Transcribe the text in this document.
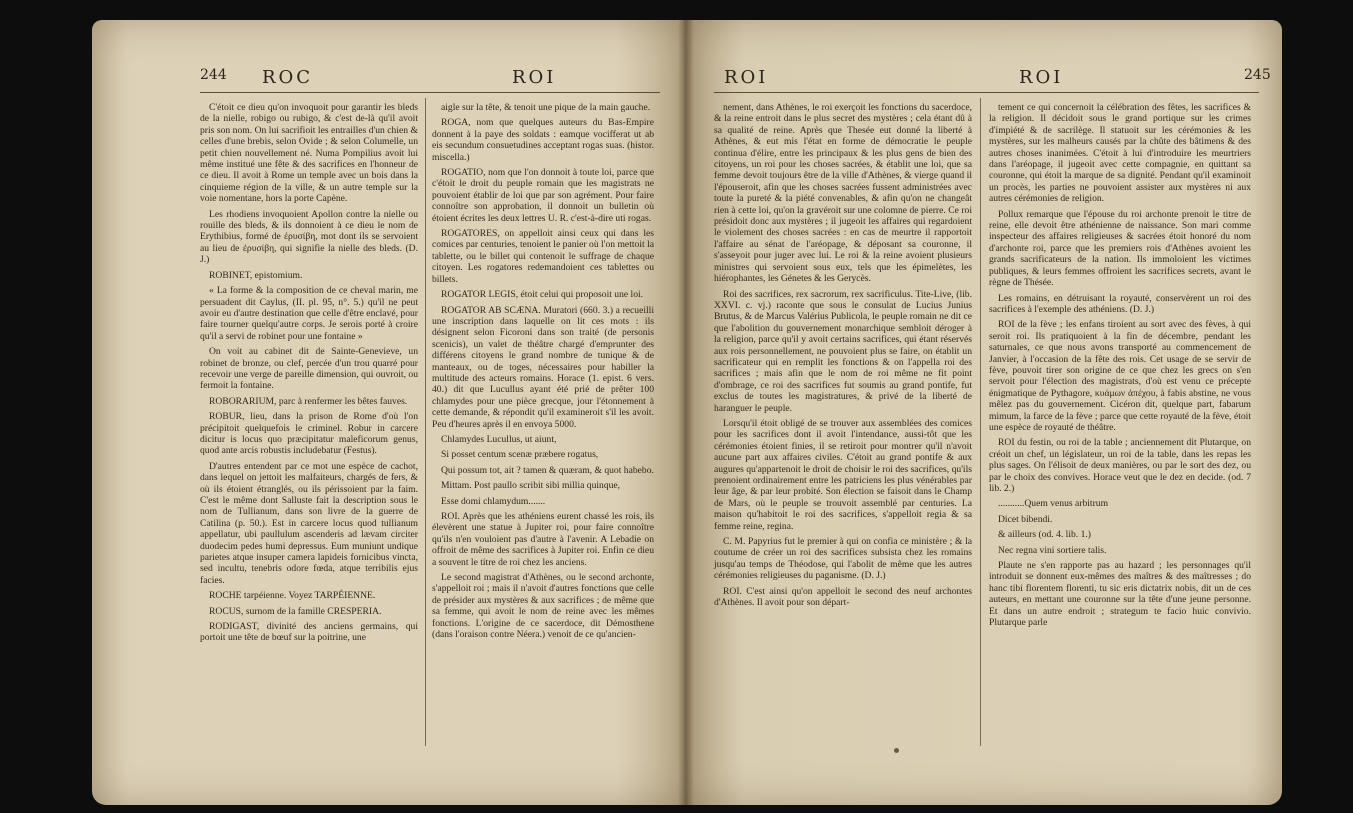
244 ROC	ROI

C'étoit ce dieu qu'on invoquoit pour garantir les bleds de la nielle, robigo ou rubigo, & c'est de-là qu'il avoit pris son nom. On lui sacrifioit les entrailles d'un chien & celles d'une brebis, selon Ovide ; & selon Columelle, un petit chien nouvellement né. Numa Pompilius avoit lui même institué une fête & des sacrifices en l'honneur de ce dieu. Il avoit à Rome un temple avec un bois dans la cinquieme région de la ville, & un autre temple sur la voie nomentane, hors la porte Capène.

Les rhodiens invoquoient Apollon contre la nielle ou rouille des bleds, & ils donnoient à ce dieu le nom de Erythibius, formé de ἐρυσίβη, mot dont ils se servoient au lieu de ἐρυσίβη, qui signifie la nielle des bleds. (D. J.)

ROBINET, epistomium.

« La forme & la composition de ce cheval marin, me persuadent dit Caylus, (II. pl. 95, n°. 5.) qu'il ne peut avoir eu d'autre destination que celle d'être enclavé, pour faire tourner quelqu'autre corps. Je serois porté à croire qu'il a servi de robinet pour une fontaine »

On voit au cabinet dit de Sainte-Genevieve, un robinet de bronze, ou clef, percée d'un trou quarré pour recevoir une verge de pareille dimension, qui ouvroit, ou fermoit la fontaine.

ROBORARIUM, parc à renfermer les bêtes fauves.

ROBUR, lieu, dans la prison de Rome d'où l'on précipitoit quelquefois le criminel. Robur in carcere dicitur is locus quo præcipitatur maleficorum genus, quod ante arcis robustis includebatur (Festus).

D'autres entendent par ce mot une espèce de cachot, dans lequel on jettoit les malfaiteurs, chargés de fers, & où ils étoient étranglés, ou ils périssoient par la faim. C'est le même dont Salluste fait la description sous le nom de Tullianum, dans son livre de la guerre de Catilina (p. 50.). Est in carcere locus quod tullianum appellatur, ubi paullulum ascenderis ad lævam circiter duodecim pedes humi depressus. Eum muniunt undique parietes atque insuper camera lapideis fornicibus vincta, sed incultu, tenebris odore fœda, atque terribilis ejus facies.

ROCHE tarpéienne. Voyez TARPÉIENNE.

ROCUS, surnom de la famille CRESPERIA.

RODIGAST, divinité des anciens germains, qui portoit une tête de bœuf sur la poitrine, une

aigle sur la tête, & tenoit une pique de la main gauche.

ROGA, nom que quelques auteurs du Bas-Empire donnent à la paye des soldats : eamque vocifferat ut ab eis secundum consuetudines acceptant rogas suas. (histor. miscella.)

ROGATIO, nom que l'on donnoit à toute loi, parce que c'étoit le droit du peuple romain que les magistrats ne pouvoient établir de loi que par son agrément. Pour faire connoître son approbation, il donnoit un bulletin où étoient écrites les deux lettres U. R. c'est-à-dire uti rogas.

ROGATORES, on appelloit ainsi ceux qui dans les comices par centuries, tenoient le panier où l'on mettoit la tablette, ou le billet qui contenoit le suffrage de chaque citoyen. Les rogatores redemandoient ces tablettes ou billets.

ROGATOR LEGIS, étoit celui qui proposoit une loi.

ROGATOR AB SCÆNA. Muratori (660. 3.) a recueilli une inscription dans laquelle on lit ces mots : ils désignent selon Ficoroni dans son traité (de personis scenicis), un valet de théâtre chargé d'emprunter des différens citoyens le grand nombre de tunique & de manteaux, ou de toges, nécessaires pour habiller la multitude des acteurs romains. Horace (1. epist. 6 vers. 40.) dit que Lucullus ayant été prié de prêter 100 chlamydes pour une pièce grecque, jour l'étonnement à cette demande, & répondit qu'il examineroit s'il les avoit. Peu d'heures après il en envoya 5000.

Chlamydes Lucullus, ut aiunt,

Si posset centum scenæ præbere rogatus,

Qui possum tot, ait ? tamen & quæram, & quot habebo.

Mittam. Post paullo scribit sibi millia quinque,

Esse domi chlamydum.......

ROI. Après que les athéniens eurent chassé les rois, ils élevèrent une statue à Jupiter roi, pour faire connoître qu'ils n'en vouloient pas d'autre à l'avenir. A Lebadie on offroit de même des sacrifices à Jupiter roi. Enfin ce dieu a souvent le titre de roi chez les anciens.

Le second magistrat d'Athènes, ou le second archonte, s'appelloit roi ; mais il n'avoit d'autres fonctions que celle de présider aux mystères & aux sacrifices ; de même que sa femme, qui avoit le nom de reine avec les mêmes fonctions. L'origine de ce sacerdoce, dit Démosthene (dans l'oraison contre Néera.) venoit de ce qu'ancien-

ROI	ROI	245

nement, dans Athènes, le roi exerçoit les fonctions du sacerdoce, & la reine entroit dans le plus secret des mystères ; cela étant dû à sa qualité de reine. Après que Thesée eut donné la liberté à Athènes, & eut mis l'état en forme de démocratie le peuple continua d'élire, entre les principaux & les plus gens de bien des citoyens, un roi pour les choses sacrées, & établit une loi, que sa femme devoit toujours être de la ville d'Athènes, & vierge quand il l'épouseroit, afin que les choses sacrées fussent administrées avec toute la pureté & la piété convenables, & afin qu'on ne changeât rien à cette loi, qu'on la gravéroit sur une colomne de pierre. Ce roi présidoit donc aux mystères ; il jugeoit les affaires qui regardoient le violement des choses sacrées : en cas de meurtre il rapportoit l'affaire au sénat de l'aréopage, & déposant sa couronne, il s'asseyoit pour juger avec lui. Le roi & la reine avoient plusieurs ministres qui servoient sous eux, tels que les épimelètes, les hiérophantes, les Génetes & les Gerycès.

Roi des sacrifices, rex sacrorum, rex sacrificulus. Tite-Live, (lib. XXVI. c. vj.) raconte que sous le consulat de Lucius Junius Brutus, & de Marcus Valérius Publicola, le peuple romain ne dit ce que l'abolition du gouvernement monarchique sembloit déroger à la religion, parce qu'il y avoit certains sacrifices, qui étant réservés aux rois personnellement, ne pouvoient plus se faire, on établit un sacrificateur qui en remplit les fonctions & on l'appella roi des sacrifices ; mais afin que le nom de roi même ne fit point d'ombrage, ce roi des sacrifices fut soumis au grand pontife, fut exclus de toutes les magistratures, & privé de la liberté de haranguer le peuple.

Lorsqu'il étoit obligé de se trouver aux assemblées des comices pour les sacrifices dont il avoit l'intendance, aussi-tôt que les cérémonies étoient finies, il se retiroit pour montrer qu'il n'avoit aucune part aux affaires civiles. C'étoit au grand pontife & aux augures qu'appartenoit le droit de choisir le roi des sacrifices, qu'ils prenoient ordinairement entre les patriciens les plus vénérables par leur âge, & par leur probité. Son élection se faisoit dans le Champ de Mars, où le peuple se trouvoit assemblé par centuries. La maison qu'habitoit le roi des sacrifices, s'appelloit regia & sa femme reine, regina.

C. M. Papyrius fut le premier à qui on confia ce ministère ; & la coutume de créer un roi des sacrifices subsista chez les romains jusqu'au temps de Théodose, qui l'abolit de même que les autres cérémonies religieuses du paganisme. (D. J.)

ROI. C'est ainsi qu'on appelloit le second des neuf archontes d'Athènes. Il avoit pour son départ-

tement ce qui concernoit la célébration des fêtes, les sacrifices & la religion. Il décidoit sous le grand portique sur les crimes d'impiété & de sacrilège. Il statuoit sur les cérémonies & les mystères, sur les malheurs causés par la chûte des bâtimens & des autres choses inanimées. C'étoit à lui d'introduire les meurtriers dans l'aréopage, il jugeoit avec cette compagnie, en quittant sa couronne, qui étoit la marque de sa dignité. Pendant qu'il examinoit un procès, les parties ne pouvoient assister aux mystères ni aux autres cérémonies de religion.

Pollux remarque que l'épouse du roi archonte prenoit le titre de reine, elle devoit être athénienne de naissance. Son mari comme inspecteur des affaires religieuses & sacrées étoit honoré du nom d'archonte roi, parce que les premiers rois d'Athènes avoient les grands sacrificateurs de la nation. Ils immoloient les victimes publiques, & leurs femmes offroient les sacrifices secrets, avant le règne de Thésée.

Les romains, en détruisant la royauté, conservèrent un roi des sacrifices à l'exemple des athéniens. (D. J.)

ROI de la fève ; les enfans tiroient au sort avec des fèves, à qui seroit roi. Ils pratiquoient à la fin de décembre, pendant les saturnales, ce que nous avons transporté au commencement de Janvier, à l'occasion de la fête des rois. Cet usage de se servir de fève, pouvoit tirer son origine de ce que chez les grecs on s'en servoit pour l'élection des magistrats, d'où est venu ce précepte énigmatique de Pythagore, κυάμων ἀπέχου, à fabis abstine, ne vous mêlez pas du gouvernement. Cicéron dit, quelque part, fabarum mimum, la farce de la fève ; parce que cette royauté de la fève, étoit une espèce de royauté de théâtre.

ROI du festin, ou roi de la table ; anciennement dit Plutarque, on créoit un chef, un législateur, un roi de la table, dans les repas les plus sages. On l'élisoit de deux manières, ou par le sort des dez, ou par le choix des convives. Horace veut que le dez en decide. (od. 7 lib. 2.)

...........Quem venus arbitrum

Dicet bibendi.

& ailleurs (od. 4. lib. 1.)

Nec regna vini sortiere talis.

Plaute ne s'en rapporte pas au hazard ; les personnages qu'il introduit se donnent eux-mêmes des maîtres & des maîtresses ; do hanc tibi florentem florenti, tu sic eris dictatrix nobis, dit un de ces auteurs, en mettant une couronne sur la tête d'une jeune personne. Et dans un autre endroit ; strategum te facio huic convivio. Plutarque parle
